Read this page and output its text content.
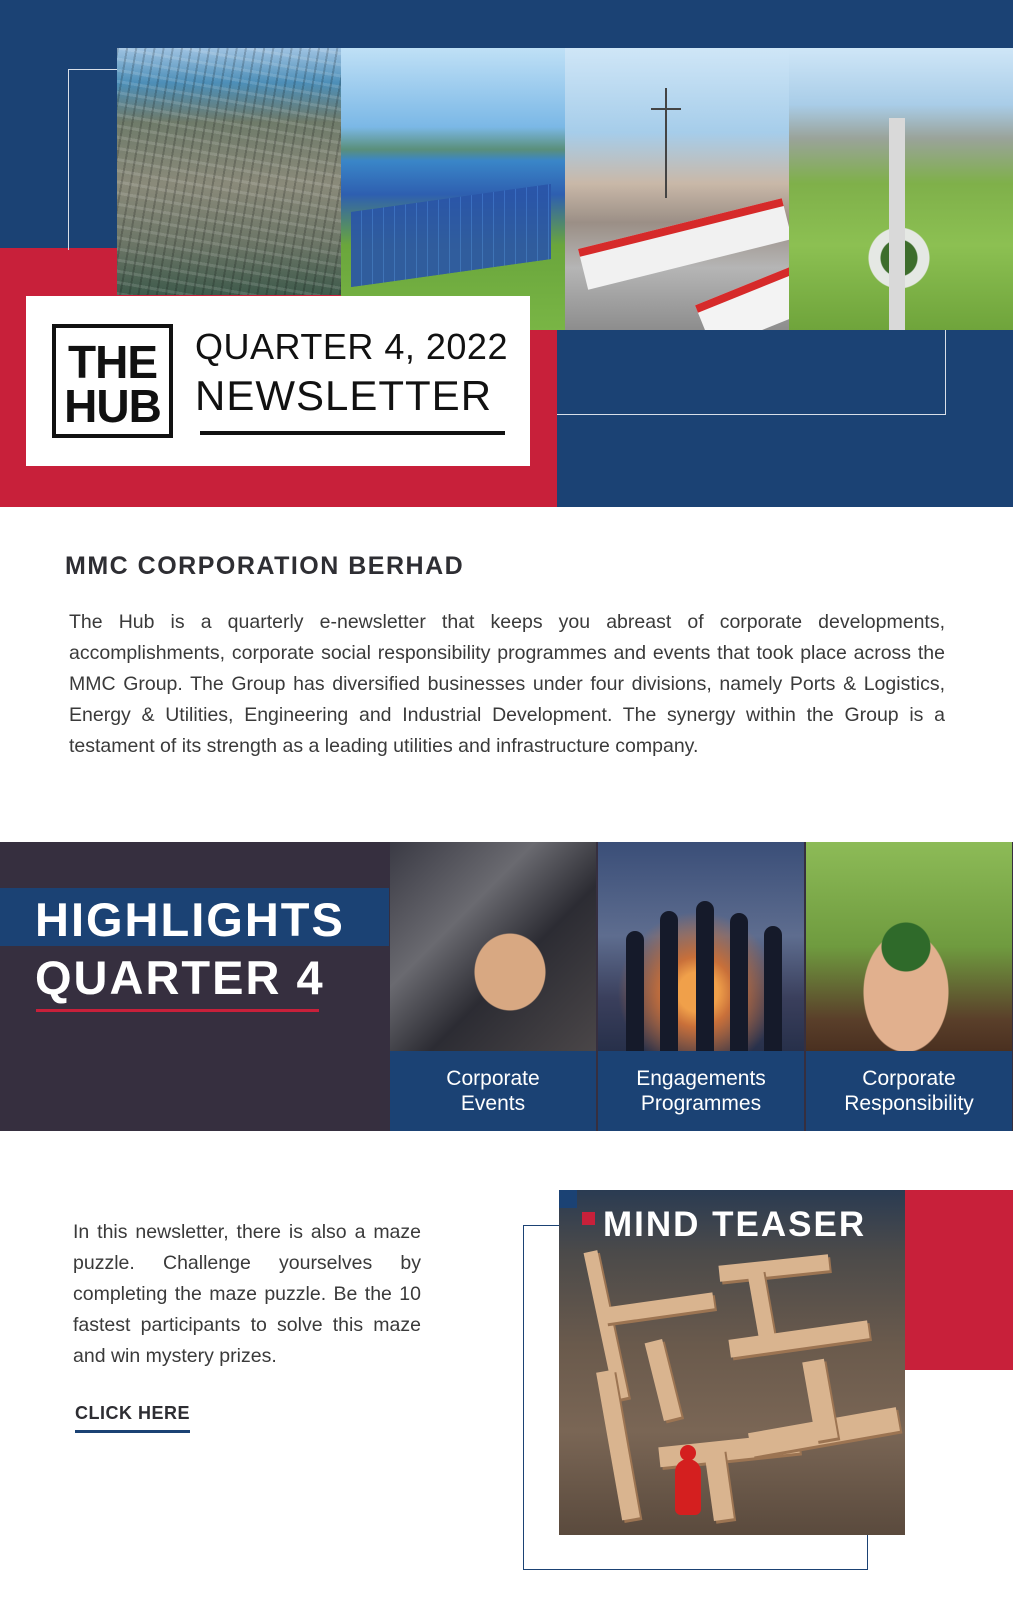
THE
HUB
QUARTER 4, 2022
NEWSLETTER
MMC CORPORATION BERHAD
The Hub is a quarterly e-newsletter that keeps you abreast of corporate developments, accomplishments, corporate social responsibility programmes and events that took place across the MMC Group. The Group has diversified businesses under four divisions, namely Ports & Logistics, Energy & Utilities, Engineering and Industrial Development. The synergy within the Group is a testament of its strength as a leading utilities and infrastructure company.
HIGHLIGHTS
QUARTER 4
Corporate
Events
Engagements
Programmes
Corporate
Responsibility
In this newsletter, there is also a maze puzzle. Challenge yourselves by completing the maze puzzle. Be the 10 fastest participants to solve this maze and win mystery prizes.
CLICK HERE
MIND TEASER
